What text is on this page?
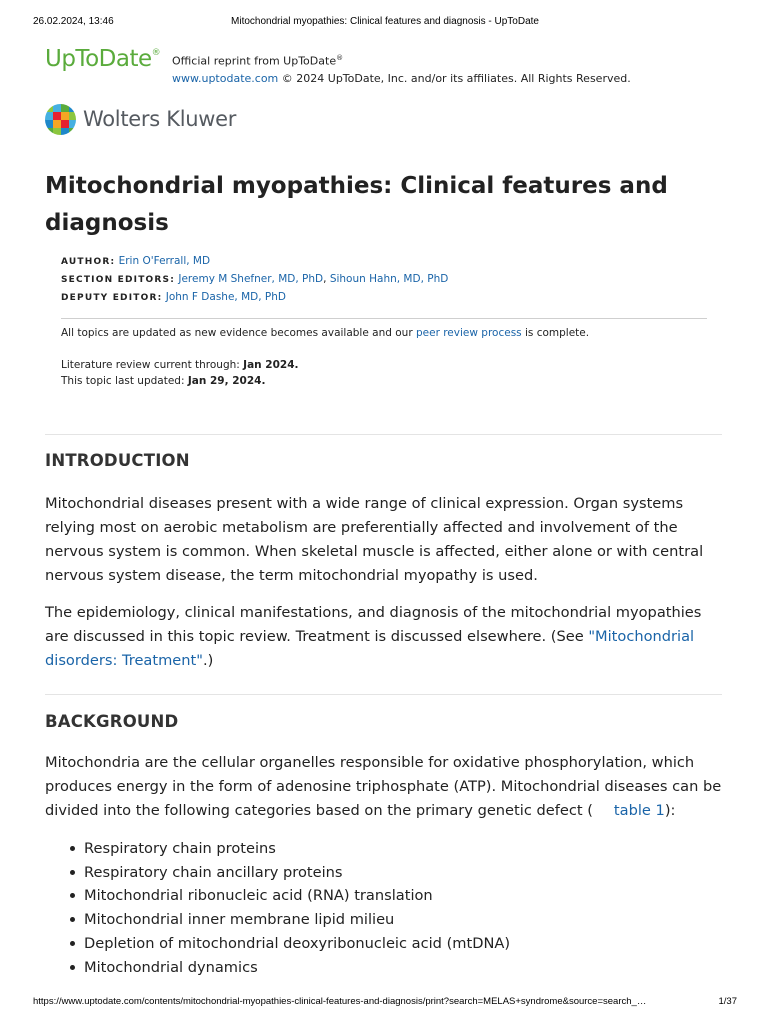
26.02.2024, 13:46	Mitochondrial myopathies: Clinical features and diagnosis - UpToDate
UpToDate®
Official reprint from UpToDate®
www.uptodate.com © 2024 UpToDate, Inc. and/or its affiliates. All Rights Reserved.
Wolters Kluwer
Mitochondrial myopathies: Clinical features and diagnosis
AUTHOR: Erin O'Ferrall, MD
SECTION EDITORS: Jeremy M Shefner, MD, PhD, Sihoun Hahn, MD, PhD
DEPUTY EDITOR: John F Dashe, MD, PhD
All topics are updated as new evidence becomes available and our peer review process is complete.
Literature review current through: Jan 2024.
This topic last updated: Jan 29, 2024.
INTRODUCTION

Mitochondrial diseases present with a wide range of clinical expression. Organ systems relying most on aerobic metabolism are preferentially affected and involvement of the nervous system is common. When skeletal muscle is affected, either alone or with central nervous system disease, the term mitochondrial myopathy is used.

The epidemiology, clinical manifestations, and diagnosis of the mitochondrial myopathies are discussed in this topic review. Treatment is discussed elsewhere. (See "Mitochondrial disorders: Treatment".)

BACKGROUND

Mitochondria are the cellular organelles responsible for oxidative phosphorylation, which produces energy in the form of adenosine triphosphate (ATP). Mitochondrial diseases can be divided into the following categories based on the primary genetic defect ( table 1):

Respiratory chain proteins
Respiratory chain ancillary proteins
Mitochondrial ribonucleic acid (RNA) translation
Mitochondrial inner membrane lipid milieu
Depletion of mitochondrial deoxyribonucleic acid (mtDNA)
Mitochondrial dynamics
https://www.uptodate.com/contents/mitochondrial-myopathies-clinical-features-and-diagnosis/print?search=MELAS+syndrome&source=search_…	1/37
